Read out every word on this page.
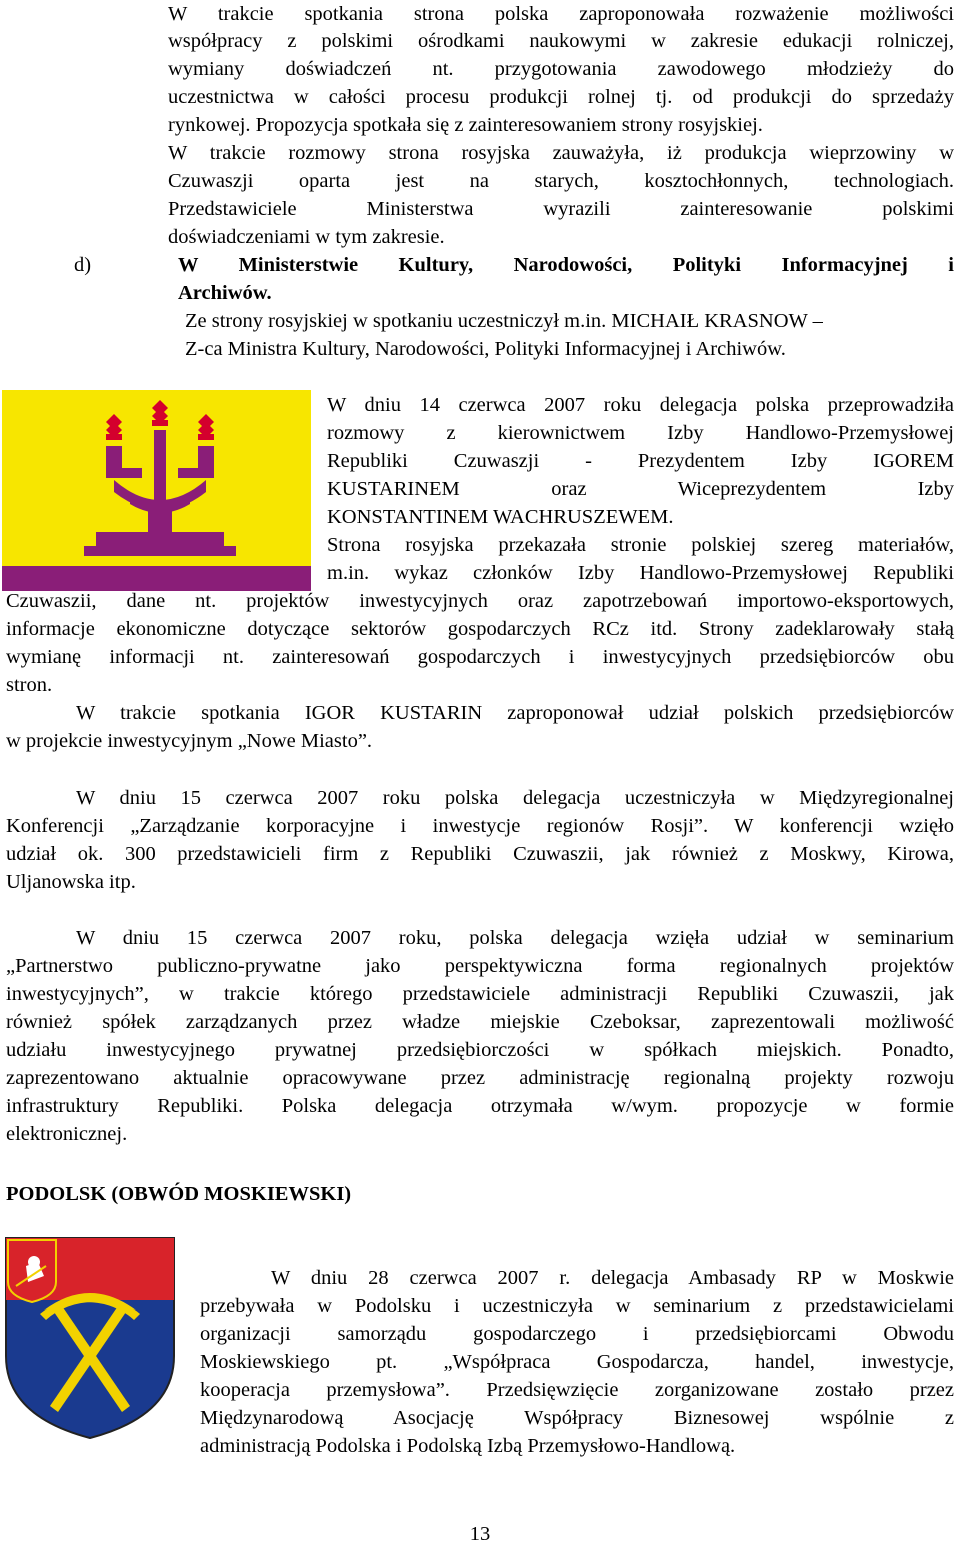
W trakcie spotkania strona polska zaproponowała rozważenie możliwości
współpracy z polskimi ośrodkami naukowymi w zakresie edukacji rolniczej,
wymiany doświadczeń nt. przygotowania zawodowego młodzieży do
uczestnictwa w całości procesu produkcji rolnej tj. od produkcji do sprzedaży
rynkowej. Propozycja spotkała się z zainteresowaniem strony rosyjskiej.
W trakcie rozmowy strona rosyjska zauważyła, iż produkcja wieprzowiny w
Czuwaszji oparta jest na starych, kosztochłonnych, technologiach.
Przedstawiciele Ministerstwa wyrazili zainteresowanie polskimi
doświadczeniami w tym zakresie.
d)	W Ministerstwie Kultury, Narodowości, Polityki Informacyjnej i
Archiwów.
Ze strony rosyjskiej w spotkaniu uczestniczył m.in. MICHAIŁ KRASNOW –
Z-ca Ministra Kultury, Narodowości, Polityki Informacyjnej i Archiwów.
W dniu 14 czerwca 2007 roku delegacja polska przeprowadziła
rozmowy z kierownictwem Izby Handlowo-Przemysłowej
Republiki Czuwaszji - Prezydentem Izby IGOREM
KUSTARINEM oraz Wiceprezydentem Izby
KONSTANTINEM WACHRUSZEWEM.
Strona rosyjska przekazała stronie polskiej szereg materiałów,
m.in. wykaz członków Izby Handlowo-Przemysłowej Republiki
Czuwaszii, dane nt. projektów inwestycyjnych oraz zapotrzebowań importowo-eksportowych,
informacje ekonomiczne dotyczące sektorów gospodarczych RCz itd. Strony zadeklarowały stałą
wymianę informacji nt. zainteresowań gospodarczych i inwestycyjnych przedsiębiorców obu
stron.
W trakcie spotkania IGOR KUSTARIN zaproponował udział polskich przedsiębiorców
w projekcie inwestycyjnym „Nowe Miasto”.
W dniu 15 czerwca 2007 roku polska delegacja uczestniczyła w Międzyregionalnej
Konferencji „Zarządzanie korporacyjne i inwestycje regionów Rosji”. W konferencji wzięło
udział ok. 300 przedstawicieli firm z Republiki Czuwaszii, jak również z Moskwy, Kirowa,
Uljanowska itp.
W dniu 15 czerwca 2007 roku, polska delegacja wzięła udział w seminarium
„Partnerstwo publiczno-prywatne jako perspektywiczna forma regionalnych projektów
inwestycyjnych”, w trakcie którego przedstawiciele administracji Republiki Czuwaszii, jak
również spółek zarządzanych przez władze miejskie Czeboksar, zaprezentowali możliwość
udziału inwestycyjnego prywatnej przedsiębiorczości w spółkach miejskich. Ponadto,
zaprezentowano aktualnie opracowywane przez administrację regionalną projekty rozwoju
infrastruktury Republiki. Polska delegacja otrzymała w/wym. propozycje w formie
elektronicznej.
PODOLSK (OBWÓD MOSKIEWSKI)
W dniu 28 czerwca 2007 r. delegacja Ambasady RP w Moskwie
przebywała w Podolsku i uczestniczyła w seminarium z przedstawicielami
organizacji samorządu gospodarczego i przedsiębiorcami Obwodu
Moskiewskiego pt. „Współpraca Gospodarcza, handel, inwestycje,
kooperacja przemysłowa”. Przedsięwzięcie zorganizowane zostało przez
Międzynarodową Asocjację Współpracy Biznesowej wspólnie z
administracją Podolska i Podolską Izbą Przemysłowo-Handlową.
13
